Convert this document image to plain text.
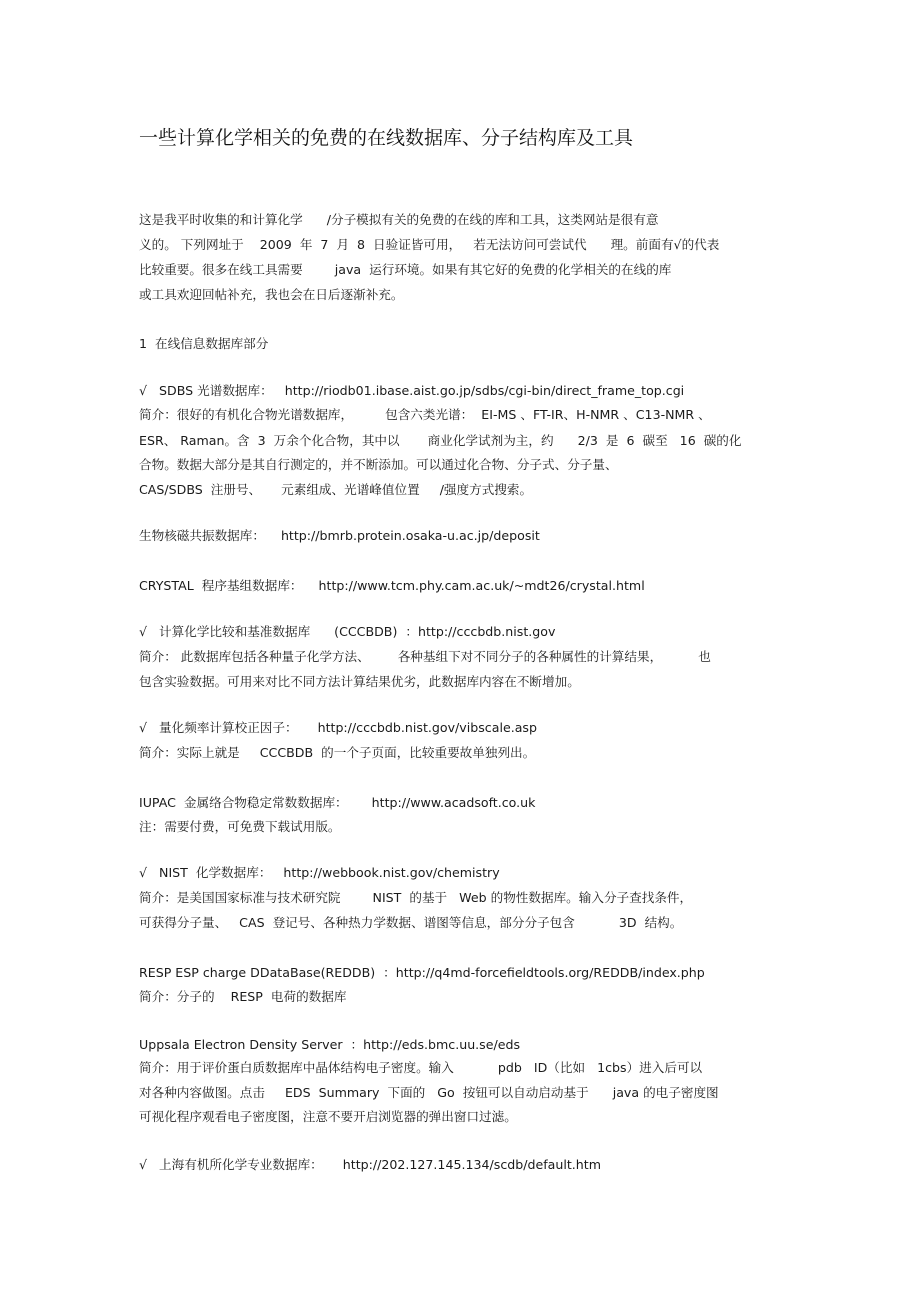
一些计算化学相关的免费的在线数据库、分子结构库及工具
这是我平时收集的和计算化学      /分子模拟有关的免费的在线的库和工具，这类网站是很有意
义的。 下列网址于    2009  年  7  月  8  日验证皆可用，   若无法访问可尝试代      理。前面有√的代表
比较重要。很多在线工具需要        java  运行环境。如果有其它好的免费的化学相关的在线的库
或工具欢迎回帖补充，我也会在日后逐渐补充。
1  在线信息数据库部分
√   SDBS 光谱数据库：   http://riodb01.ibase.aist.go.jp/sdbs/cgi-bin/direct_frame_top.cgi
简介：很好的有机化合物光谱数据库，        包含六类光谱：  EI-MS 、FT-IR、H-NMR 、C13-NMR 、
ESR、 Raman。含  3  万余个化合物，其中以       商业化学试剂为主，约      2/3  是  6  碳至   16  碳的化
合物。数据大部分是其自行测定的，并不断添加。可以通过化合物、分子式、分子量、
CAS/SDBS  注册号、     元素组成、光谱峰值位置     /强度方式搜索。
生物核磁共振数据库：    http://bmrb.protein.osaka-u.ac.jp/deposit
CRYSTAL  程序基组数据库：    http://www.tcm.phy.cam.ac.uk/~mdt26/crystal.html
√   计算化学比较和基准数据库      (CCCBDB)  ：http://cccbdb.nist.gov
简介： 此数据库包括各种量子化学方法、       各种基组下对不同分子的各种属性的计算结果，         也
包含实验数据。可用来对比不同方法计算结果优劣，此数据库内容在不断增加。
√   量化频率计算校正因子：     http://cccbdb.nist.gov/vibscale.asp
简介：实际上就是     CCCBDB  的一个子页面，比较重要故单独列出。
IUPAC  金属络合物稳定常数数据库：      http://www.acadsoft.co.uk
注：需要付费，可免费下载试用版。
√   NIST  化学数据库：   http://webbook.nist.gov/chemistry
简介：是美国国家标准与技术研究院        NIST  的基于   Web 的物性数据库。输入分子查找条件，
可获得分子量、   CAS  登记号、各种热力学数据、谱图等信息，部分分子包含           3D  结构。
RESP ESP charge DDataBase(REDDB)  ：http://q4md-forcefieldtools.org/REDDB/index.php
简介：分子的    RESP  电荷的数据库
Uppsala Electron Density Server  ：http://eds.bmc.uu.se/eds
简介：用于评价蛋白质数据库中晶体结构电子密度。输入           pdb   ID（比如   1cbs）进入后可以
对各种内容做图。点击     EDS  Summary  下面的   Go  按钮可以自动启动基于      java 的电子密度图
可视化程序观看电子密度图，注意不要开启浏览器的弹出窗口过滤。
√   上海有机所化学专业数据库：     http://202.127.145.134/scdb/default.htm
